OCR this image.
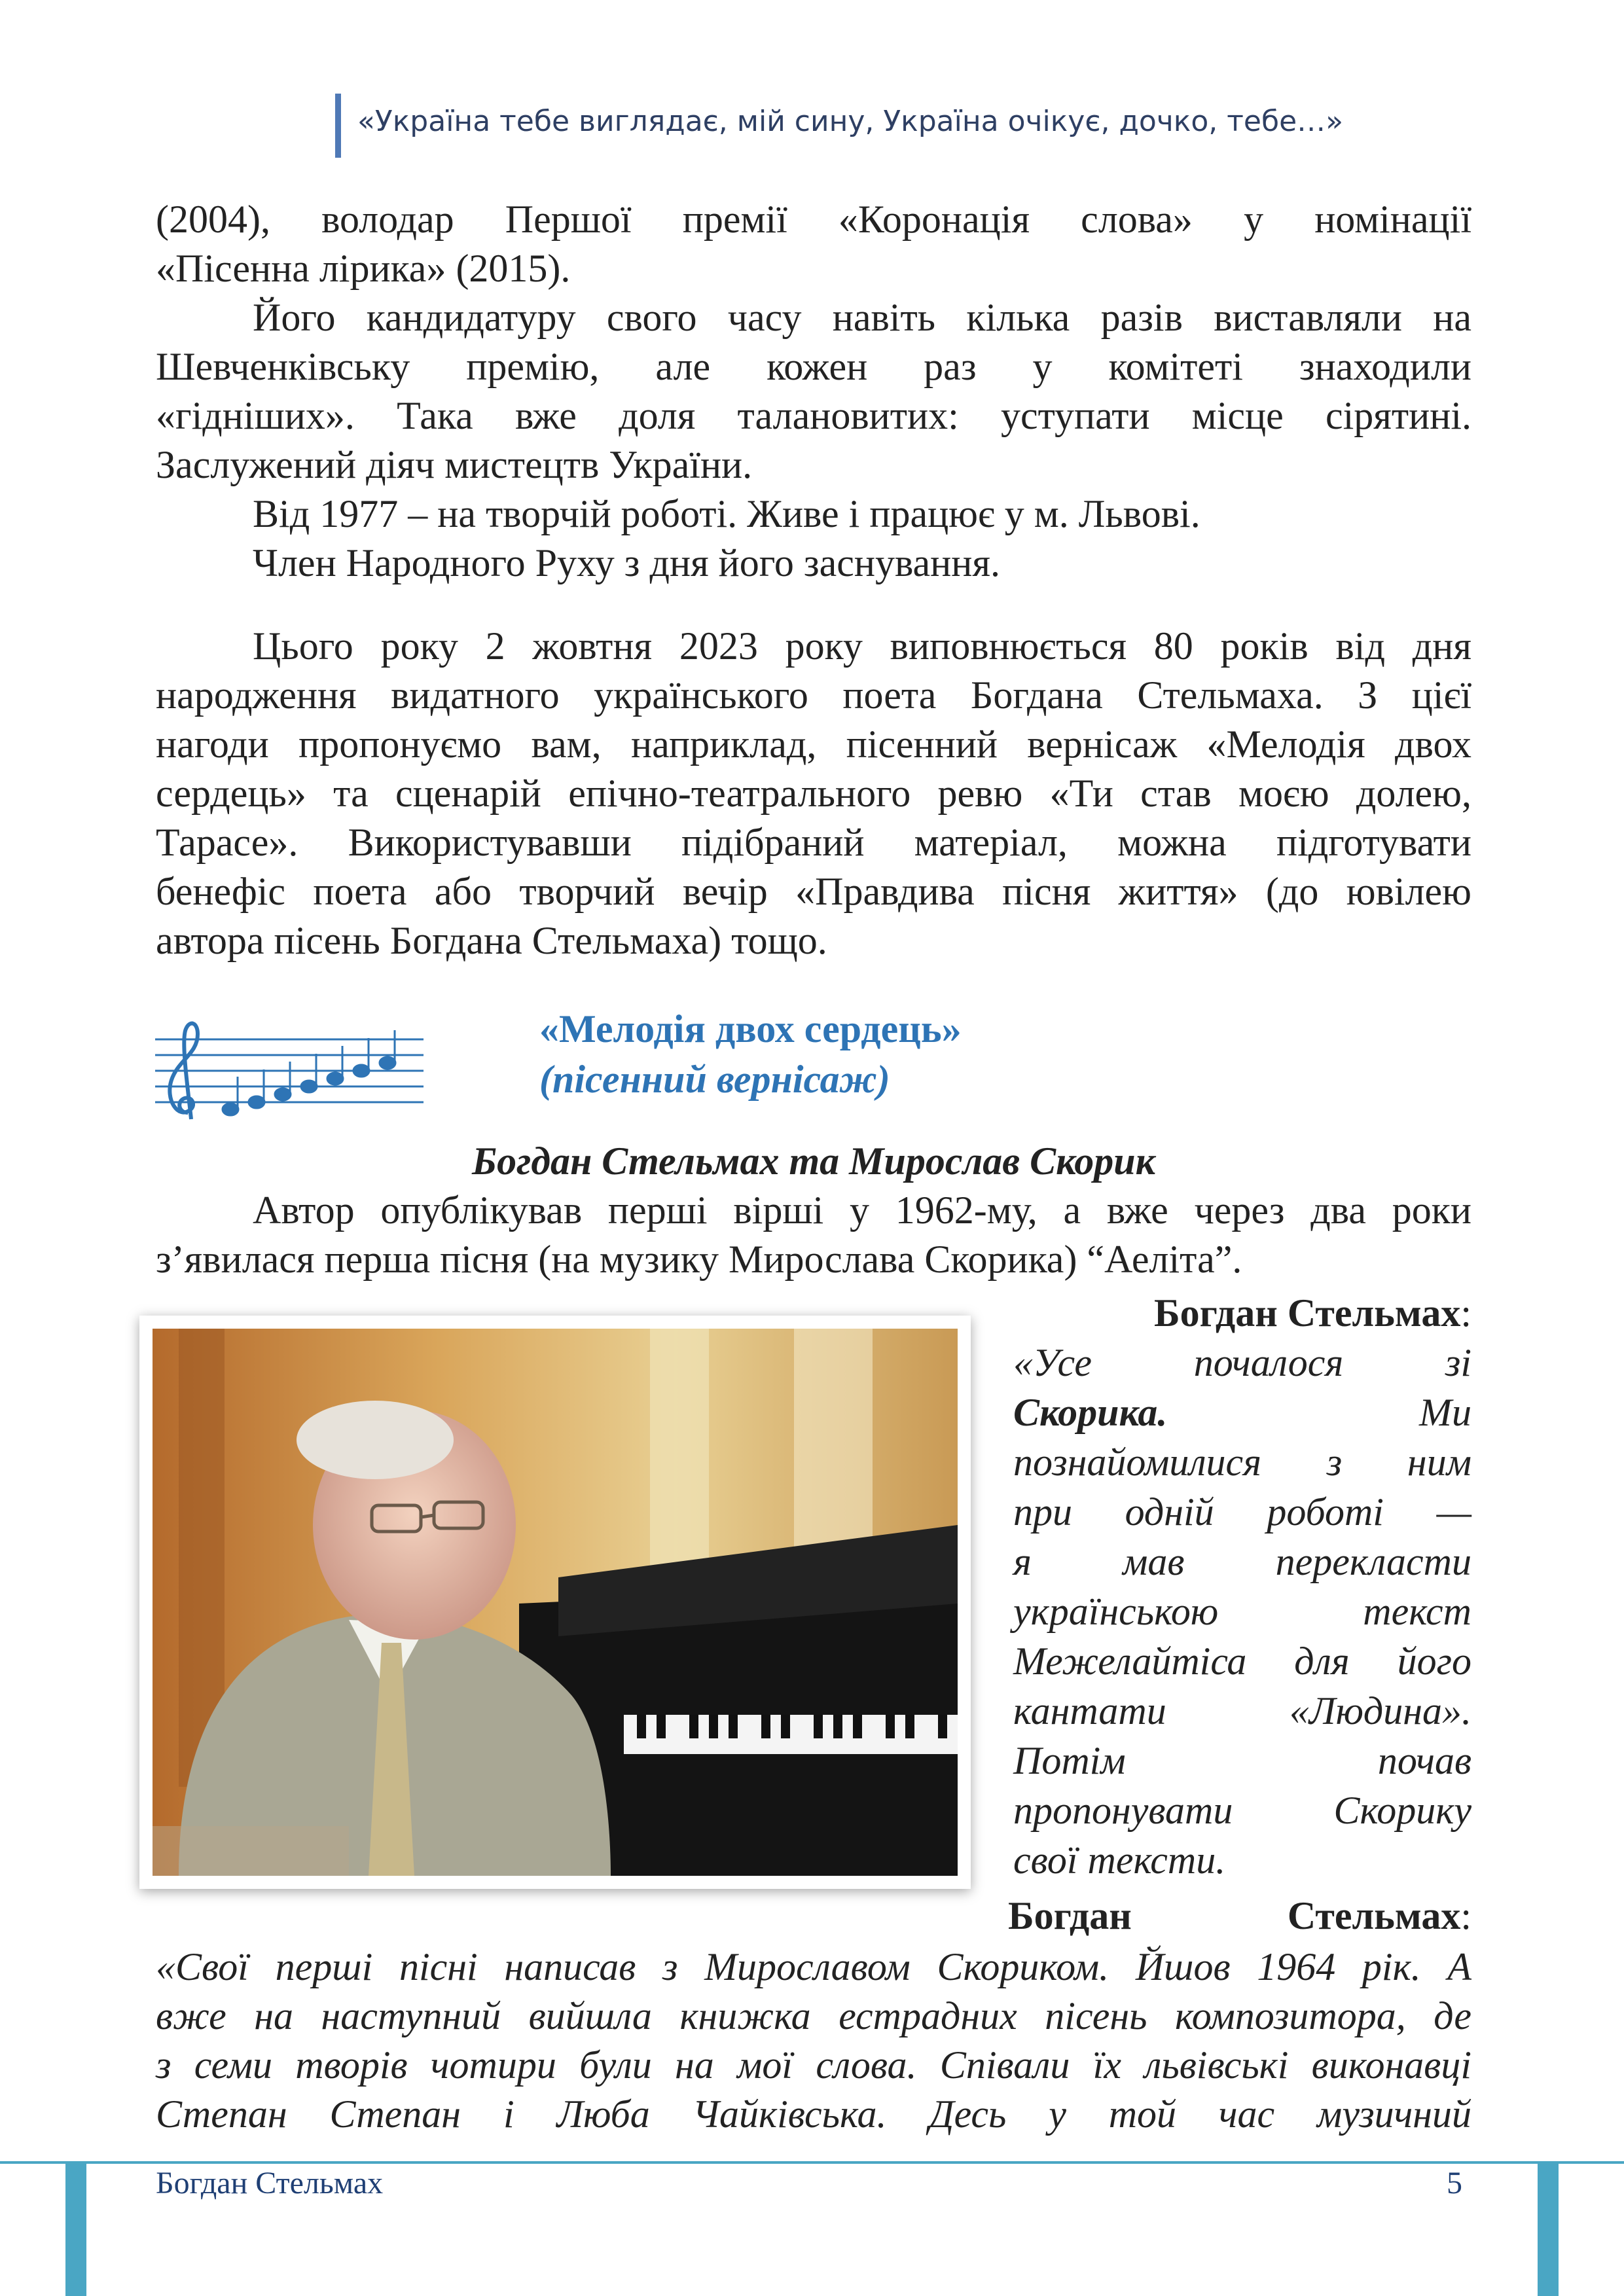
«Україна тебе виглядає, мій сину, Україна очікує, дочко, тебе…»

(2004), володар Першої премії «Коронація слова» у номінації

«Пісенна лірика» (2015).

Його кандидатуру свого часу навіть кілька разів виставляли на

Шевченківську премію, але кожен раз у комітеті знаходили

«гідніших». Така вже доля талановитих: уступати місце сірятині.

Заслужений діяч мистецтв України.

Від 1977 – на творчій роботі. Живе і працює у м. Львові.

Член Народного Руху з дня його заснування.

Цього року 2 жовтня 2023 року виповнюється 80 років від дня

народження видатного українського поета Богдана Стельмаха. З цієї

нагоди пропонуємо вам, наприклад, пісенний вернісаж «Мелодія двох

сердець» та сценарій епічно-театрального ревю «Ти став моєю долею,

Тарасе». Використувавши підібраний матеріал, можна підготувати

бенефіс поета або творчий вечір «Правдива пісня життя» (до ювілею

автора пісень Богдана Стельмаха) тощо.

«Мелодія двох сердець»
(пісенний вернісаж)
Богдан Стельмах та Мирослав Скорик

Автор опублікував перші вірші у 1962-му, а вже через два роки

з’явилася перша пісня (на музику Мирослава Скорика) “Аеліта”.

Богдан Стельмах:
«Усе почалося зі
Скорика.	Ми
познайомилися з ним
при одній роботі —
я мав перекласти
українською текст
Межелайтіса для його
кантати «Людина».
Потім почав
пропонувати Скорику
свої тексти.

Богдан Стельмах:

«Свої перші пісні написав з Мирославом Скориком. Йшов 1964 рік. А

вже на наступний вийшла книжка естрадних пісень композитора, де

з семи творів чотири були на мої слова. Співали їх львівські виконавці

Степан Степан і Люба Чайківська. Десь у той час музичний

Богдан Стельмах	5
